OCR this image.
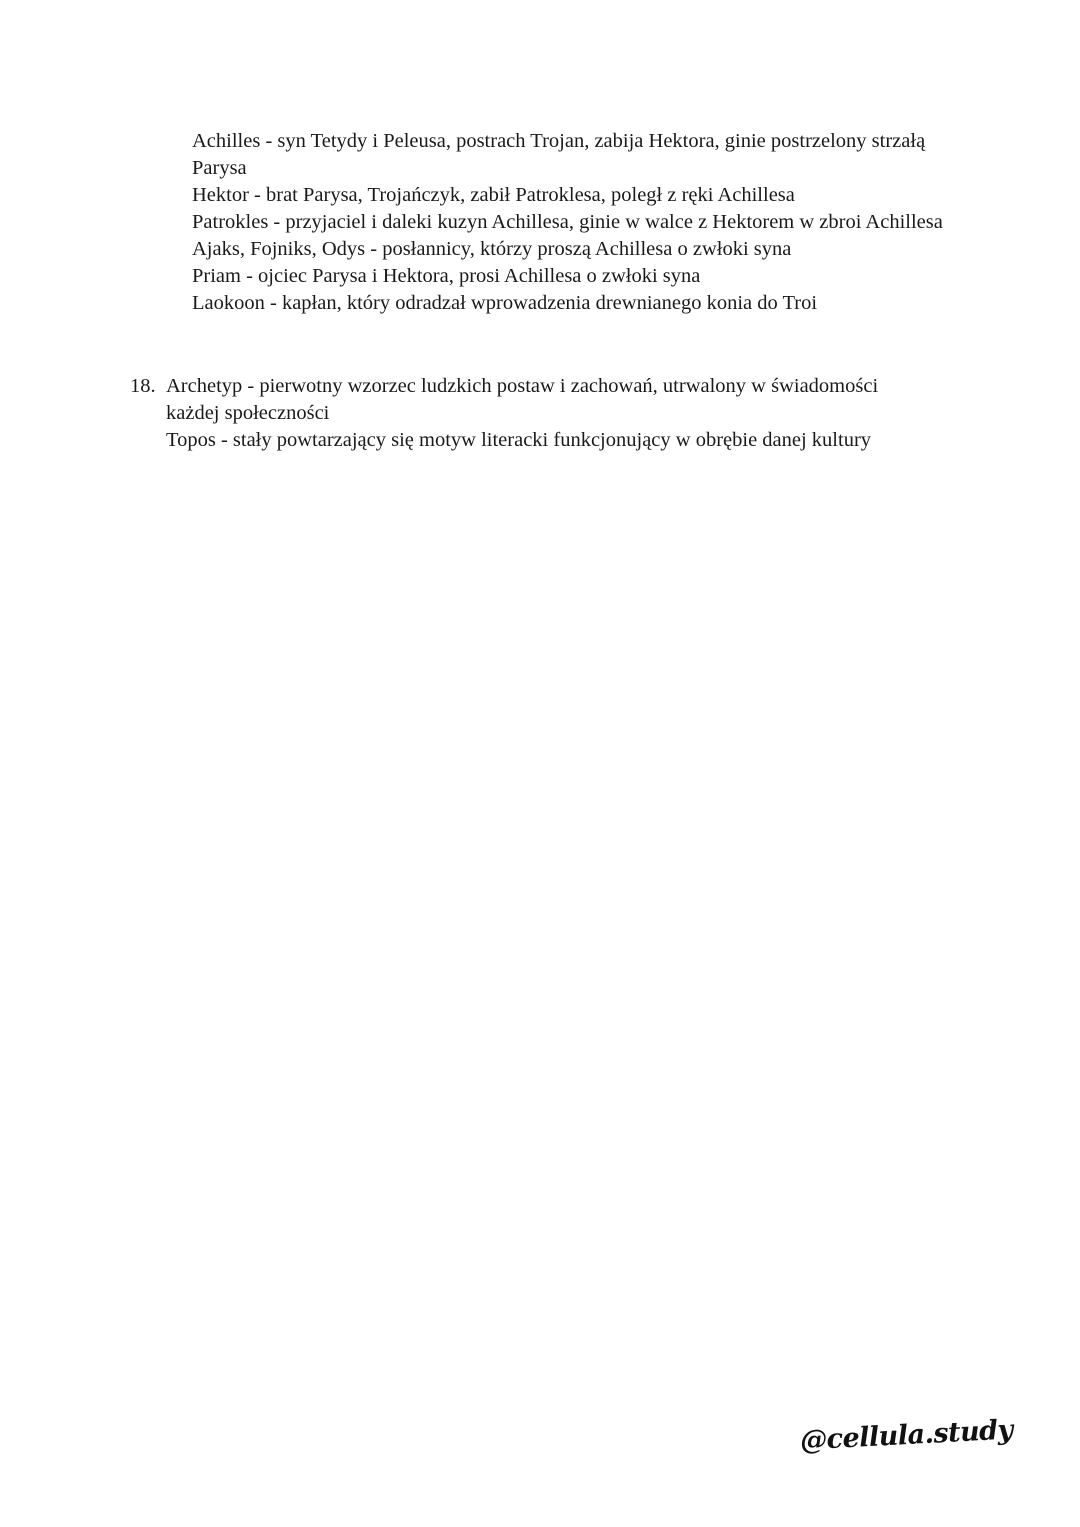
Achilles - syn Tetydy i Peleusa, postrach Trojan, zabija Hektora, ginie postrzelony strzałą Parysa
Hektor - brat Parysa, Trojańczyk, zabił Patroklesa, poległ z ręki Achillesa
Patrokles - przyjaciel i daleki kuzyn Achillesa, ginie w walce z Hektorem w zbroi Achillesa
Ajaks, Fojniks, Odys - posłannicy, którzy proszą Achillesa o zwłoki syna
Priam - ojciec Parysa i Hektora, prosi Achillesa o zwłoki syna
Laokoon - kapłan, który odradzał wprowadzenia drewnianego konia do Troi
18. Archetyp - pierwotny wzorzec ludzkich postaw i zachowań, utrwalony w świadomości każdej społeczności

Topos - stały powtarzający się motyw literacki funkcjonujący w obrębie danej kultury

@cellula.study
